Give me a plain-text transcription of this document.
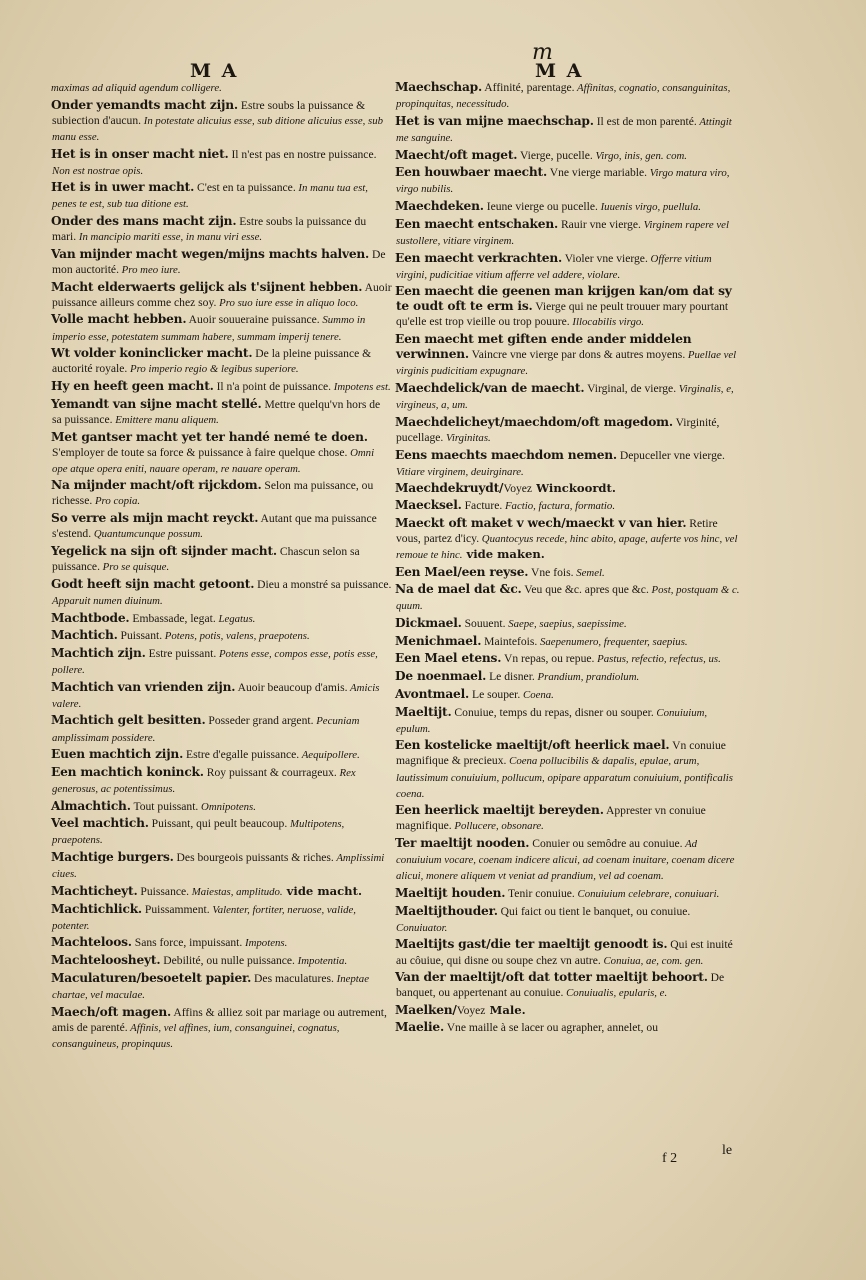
m
M A	M A

maximas ad aliquid agendum colligere.

Onder yemandts macht zijn. Estre soubs la puissance & subiection d'aucun. In potestate alicuius esse, sub ditione alicuius esse, sub manu esse.

Het is in onser macht niet. Il n'est pas en nostre puissance. Non est nostrae opis.

Het is in uwer macht. C'est en ta puissance. In manu tua est, penes te est, sub tua ditione est.

Onder des mans macht zijn. Estre soubs la puissance du mari. In mancipio mariti esse, in manu viri esse.

Van mijnder macht wegen/mijns machts halven. De mon auctorité. Pro meo iure.

Macht elderwaerts gelijck als t'sijnent hebben. Auoir puissance ailleurs comme chez soy. Pro suo iure esse in aliquo loco.

Volle macht hebben. Auoir souueraine puissance. Summo in imperio esse, potestatem summam habere, summam imperij tenere.

Wt volder koninclicker macht. De la pleine puissance & auctorité royale. Pro imperio regio & legibus superiore.

Hy en heeft geen macht. Il n'a point de puissance. Impotens est.

Yemandt van sijne macht stellé. Mettre quelqu'vn hors de sa puissance. Emittere manu aliquem.

Met gantser macht yet ter handé nemé te doen. S'employer de toute sa force & puissance à faire quelque chose. Omni ope atque opera eniti, nauare operam, re nauare operam.

Na mijnder macht/oft rijckdom. Selon ma puissance, ou richesse. Pro copia.

So verre als mijn macht reyckt. Autant que ma puissance s'estend. Quantumcunque possum.

Yegelick na sijn oft sijnder macht. Chascun selon sa puissance. Pro se quisque.

Godt heeft sijn macht getoont. Dieu a monstré sa puissance. Apparuit numen diuinum.

Machtbode. Embassade, legat. Legatus.

Machtich. Puissant. Potens, potis, valens, praepotens.

Machtich zijn. Estre puissant. Potens esse, compos esse, potis esse, pollere.

Machtich van vrienden zijn. Auoir beaucoup d'amis. Amicis valere.

Machtich gelt besitten. Posseder grand argent. Pecuniam amplissimam possidere.

Euen machtich zijn. Estre d'egalle puissance. Aequipollere.

Een machtich koninck. Roy puissant & courrageux. Rex generosus, ac potentissimus.

Almachtich. Tout puissant. Omnipotens.

Veel machtich. Puissant, qui peult beaucoup. Multipotens, praepotens.

Machtige burgers. Des bourgeois puissants & riches. Amplissimi ciues.

Machticheyt. Puissance. Maiestas, amplitudo. vide macht.

Machtichlick. Puissamment. Valenter, fortiter, neruose, valide, potenter.

Machteloos. Sans force, impuissant. Impotens.

Machteloosheyt. Debilité, ou nulle puissance. Impotentia.

Maculaturen/besoetelt papier. Des maculatures. Ineptae chartae, vel maculae.

Maech/oft magen. Affins & alliez soit par mariage ou autrement, amis de parenté. Affinis, vel affines, ium, consanguinei, cognatus, consanguineus, propinquus.

Maechschap. Affinité, parentage. Affinitas, cognatio, consanguinitas, propinquitas, necessitudo.

Het is van mijne maechschap. Il est de mon parenté. Attingit me sanguine.

Maecht/oft maget. Vierge, pucelle. Virgo, inis, gen. com.

Een houwbaer maecht. Vne vierge mariable. Virgo matura viro, virgo nubilis.

Maechdeken. Ieune vierge ou pucelle. Iuuenis virgo, puellula.

Een maecht entschaken. Rauir vne vierge. Virginem rapere vel sustollere, vitiare virginem.

Een maecht verkrachten. Violer vne vierge. Offerre vitium virgini, pudicitiae vitium afferre vel addere, violare.

Een maecht die geenen man krijgen kan/om dat sy te oudt oft te erm is. Vierge qui ne peult trouuer mary pourtant qu'elle est trop vieille ou trop pouure. Illocabilis virgo.

Een maecht met giften ende ander middelen verwinnen. Vaincre vne vierge par dons & autres moyens. Puellae vel virginis pudicitiam expugnare.

Maechdelick/van de maecht. Virginal, de vierge. Virginalis, e, virgineus, a, um.

Maechdelicheyt/maechdom/oft magedom. Virginité, pucellage. Virginitas.

Eens maechts maechdom nemen. Depuceller vne vierge. Vitiare virginem, deuirginare.

Maechdekruydt/Voyez Winckoordt.

Maecksel. Facture. Factio, factura, formatio.

Maeckt oft maket v wech/maeckt v van hier. Retire vous, partez d'icy. Quantocyus recede, hinc abito, apage, auferte vos hinc, vel remoue te hinc. vide maken.

Een Mael/een reyse. Vne fois. Semel.

Na de mael dat &c. Veu que &c. apres que &c. Post, postquam & c. quum.

Dickmael. Souuent. Saepe, saepius, saepissime.

Menichmael. Maintefois. Saepenumero, frequenter, saepius.

Een Mael etens. Vn repas, ou repue. Pastus, refectio, refectus, us.

De noenmael. Le disner. Prandium, prandiolum.

Avontmael. Le souper. Coena.

Maeltijt. Conuiue, temps du repas, disner ou souper. Conuiuium, epulum.

Een kostelicke maeltijt/oft heerlick mael. Vn conuiue magnifique & precieux. Coena pollucibilis & dapalis, epulae, arum, lautissimum conuiuium, pollucum, opipare apparatum conuiuium, pontificalis coena.

Een heerlick maeltijt bereyden. Apprester vn conuiue magnifique. Pollucere, obsonare.

Ter maeltijt nooden. Conuier ou semôdre au conuiue. Ad conuiuium vocare, coenam indicere alicui, ad coenam inuitare, coenam dicere alicui, monere aliquem vt veniat ad prandium, vel ad coenam.

Maeltijt houden. Tenir conuiue. Conuiuium celebrare, conuiuari.

Maeltijthouder. Qui faict ou tient le banquet, ou conuiue. Conuiuator.

Maeltijts gast/die ter maeltijt genoodt is. Qui est inuité au côuiue, qui disne ou soupe chez vn autre. Conuiua, ae, com. gen.

Van der maeltijt/oft dat totter maeltijt behoort. De banquet, ou appertenant au conuiue. Conuiualis, epularis, e.

Maelken/Voyez Male.

Maelie. Vne maille à se lacer ou agrapher, annelet, ou

f 2
le
